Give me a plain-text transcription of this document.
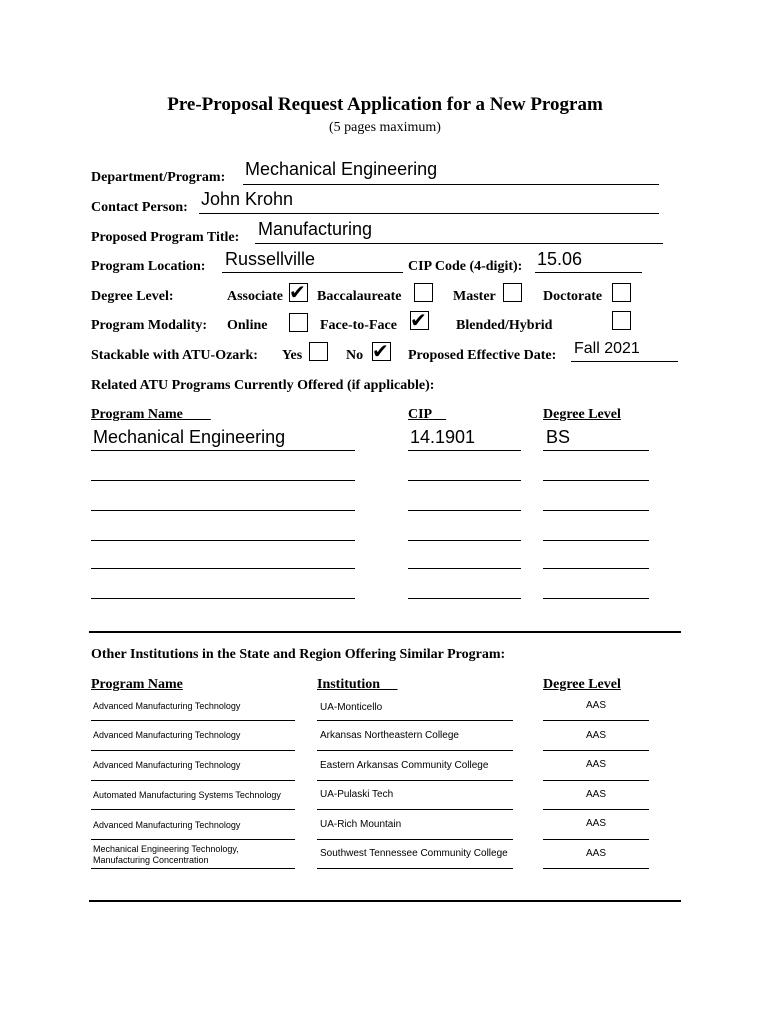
Pre-Proposal Request Application for a New Program
(5 pages maximum)
Department/Program: Mechanical Engineering
Contact Person: John Krohn
Proposed Program Title: Manufacturing
Program Location: Russellville	CIP Code (4-digit): 15.06
Degree Level:	Associate ✔ Baccalaureate	Master	Doctorate
Program Modality: Online	Face-to-Face ✔ Blended/Hybrid
Stackable with ATU-Ozark: Yes	No ✔ Proposed Effective Date: Fall 2021
Related ATU Programs Currently Offered (if applicable):
Program Name	CIP	Degree Level
Mechanical Engineering	14.1901	BS
Other Institutions in the State and Region Offering Similar Program:
Program Name	Institution	Degree Level
Advanced Manufacturing Technology	UA-Monticello	AAS
Advanced Manufacturing Technology	Arkansas Northeastern College	AAS
Advanced Manufacturing Technology	Eastern Arkansas Community College	AAS
Automated Manufacturing Systems Technology	UA-Pulaski Tech	AAS
Advanced Manufacturing Technology	UA-Rich Mountain	AAS
Mechanical Engineering Technology,
Manufacturing Concentration
Southwest Tennessee Community College	AAS
